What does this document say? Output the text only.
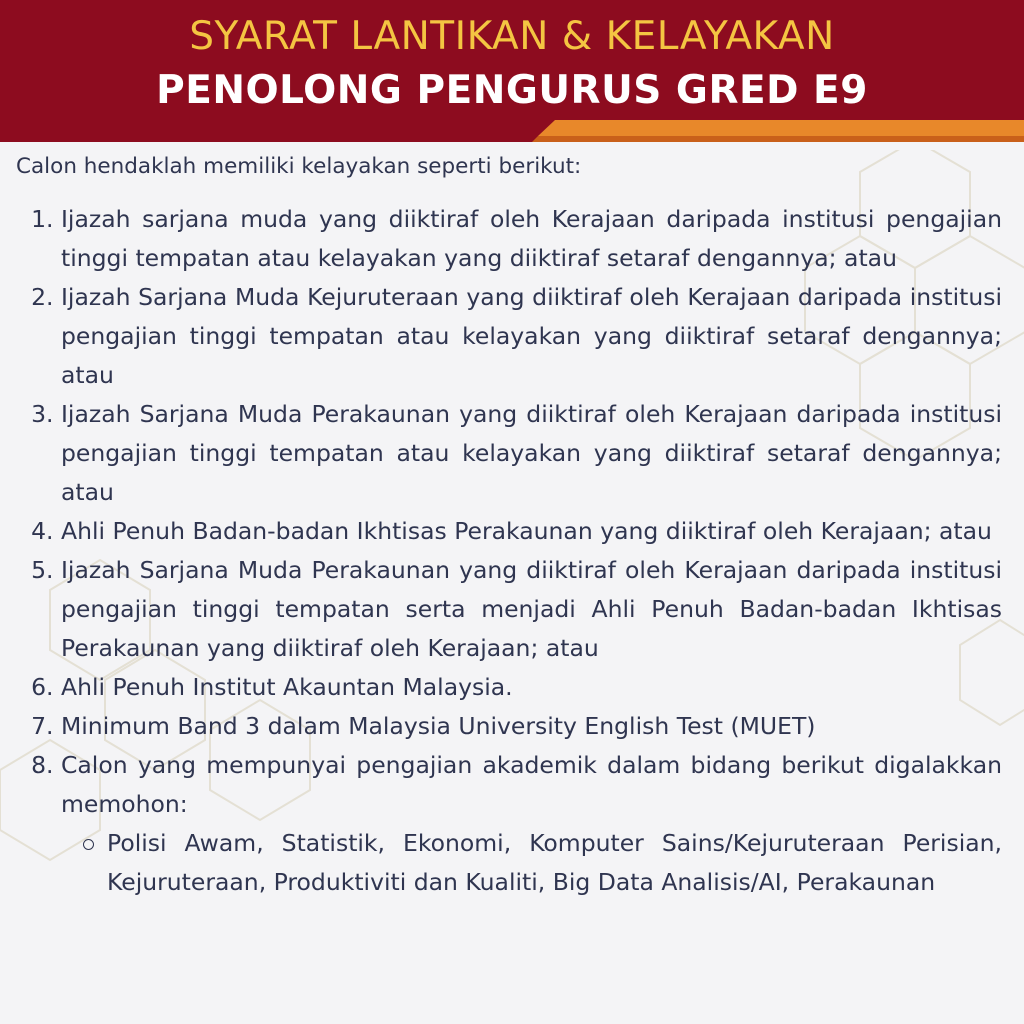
SYARAT LANTIKAN & KELAYAKAN
PENOLONG PENGURUS GRED E9

Calon hendaklah memiliki kelayakan seperti berikut:

1. Ijazah sarjana muda yang diiktiraf oleh Kerajaan daripada institusi pengajian tinggi tempatan atau kelayakan yang diiktiraf setaraf dengannya; atau
2. Ijazah Sarjana Muda Kejuruteraan yang diiktiraf oleh Kerajaan daripada institusi pengajian tinggi tempatan atau kelayakan yang diiktiraf setaraf dengannya; atau
3. Ijazah Sarjana Muda Perakaunan yang diiktiraf oleh Kerajaan daripada institusi pengajian tinggi tempatan atau kelayakan yang diiktiraf setaraf dengannya; atau
4. Ahli Penuh Badan-badan Ikhtisas Perakaunan yang diiktiraf oleh Kerajaan; atau
5. Ijazah Sarjana Muda Perakaunan yang diiktiraf oleh Kerajaan daripada institusi pengajian tinggi tempatan serta menjadi Ahli Penuh Badan-badan Ikhtisas Perakaunan yang diiktiraf oleh Kerajaan; atau
6. Ahli Penuh Institut Akauntan Malaysia.
7. Minimum Band 3 dalam Malaysia University English Test (MUET)
8. Calon yang mempunyai pengajian akademik dalam bidang berikut digalakkan memohon:
Polisi Awam, Statistik, Ekonomi, Komputer Sains/Kejuruteraan Perisian, Kejuruteraan, Produktiviti dan Kualiti, Big Data Analisis/AI, Perakaunan
